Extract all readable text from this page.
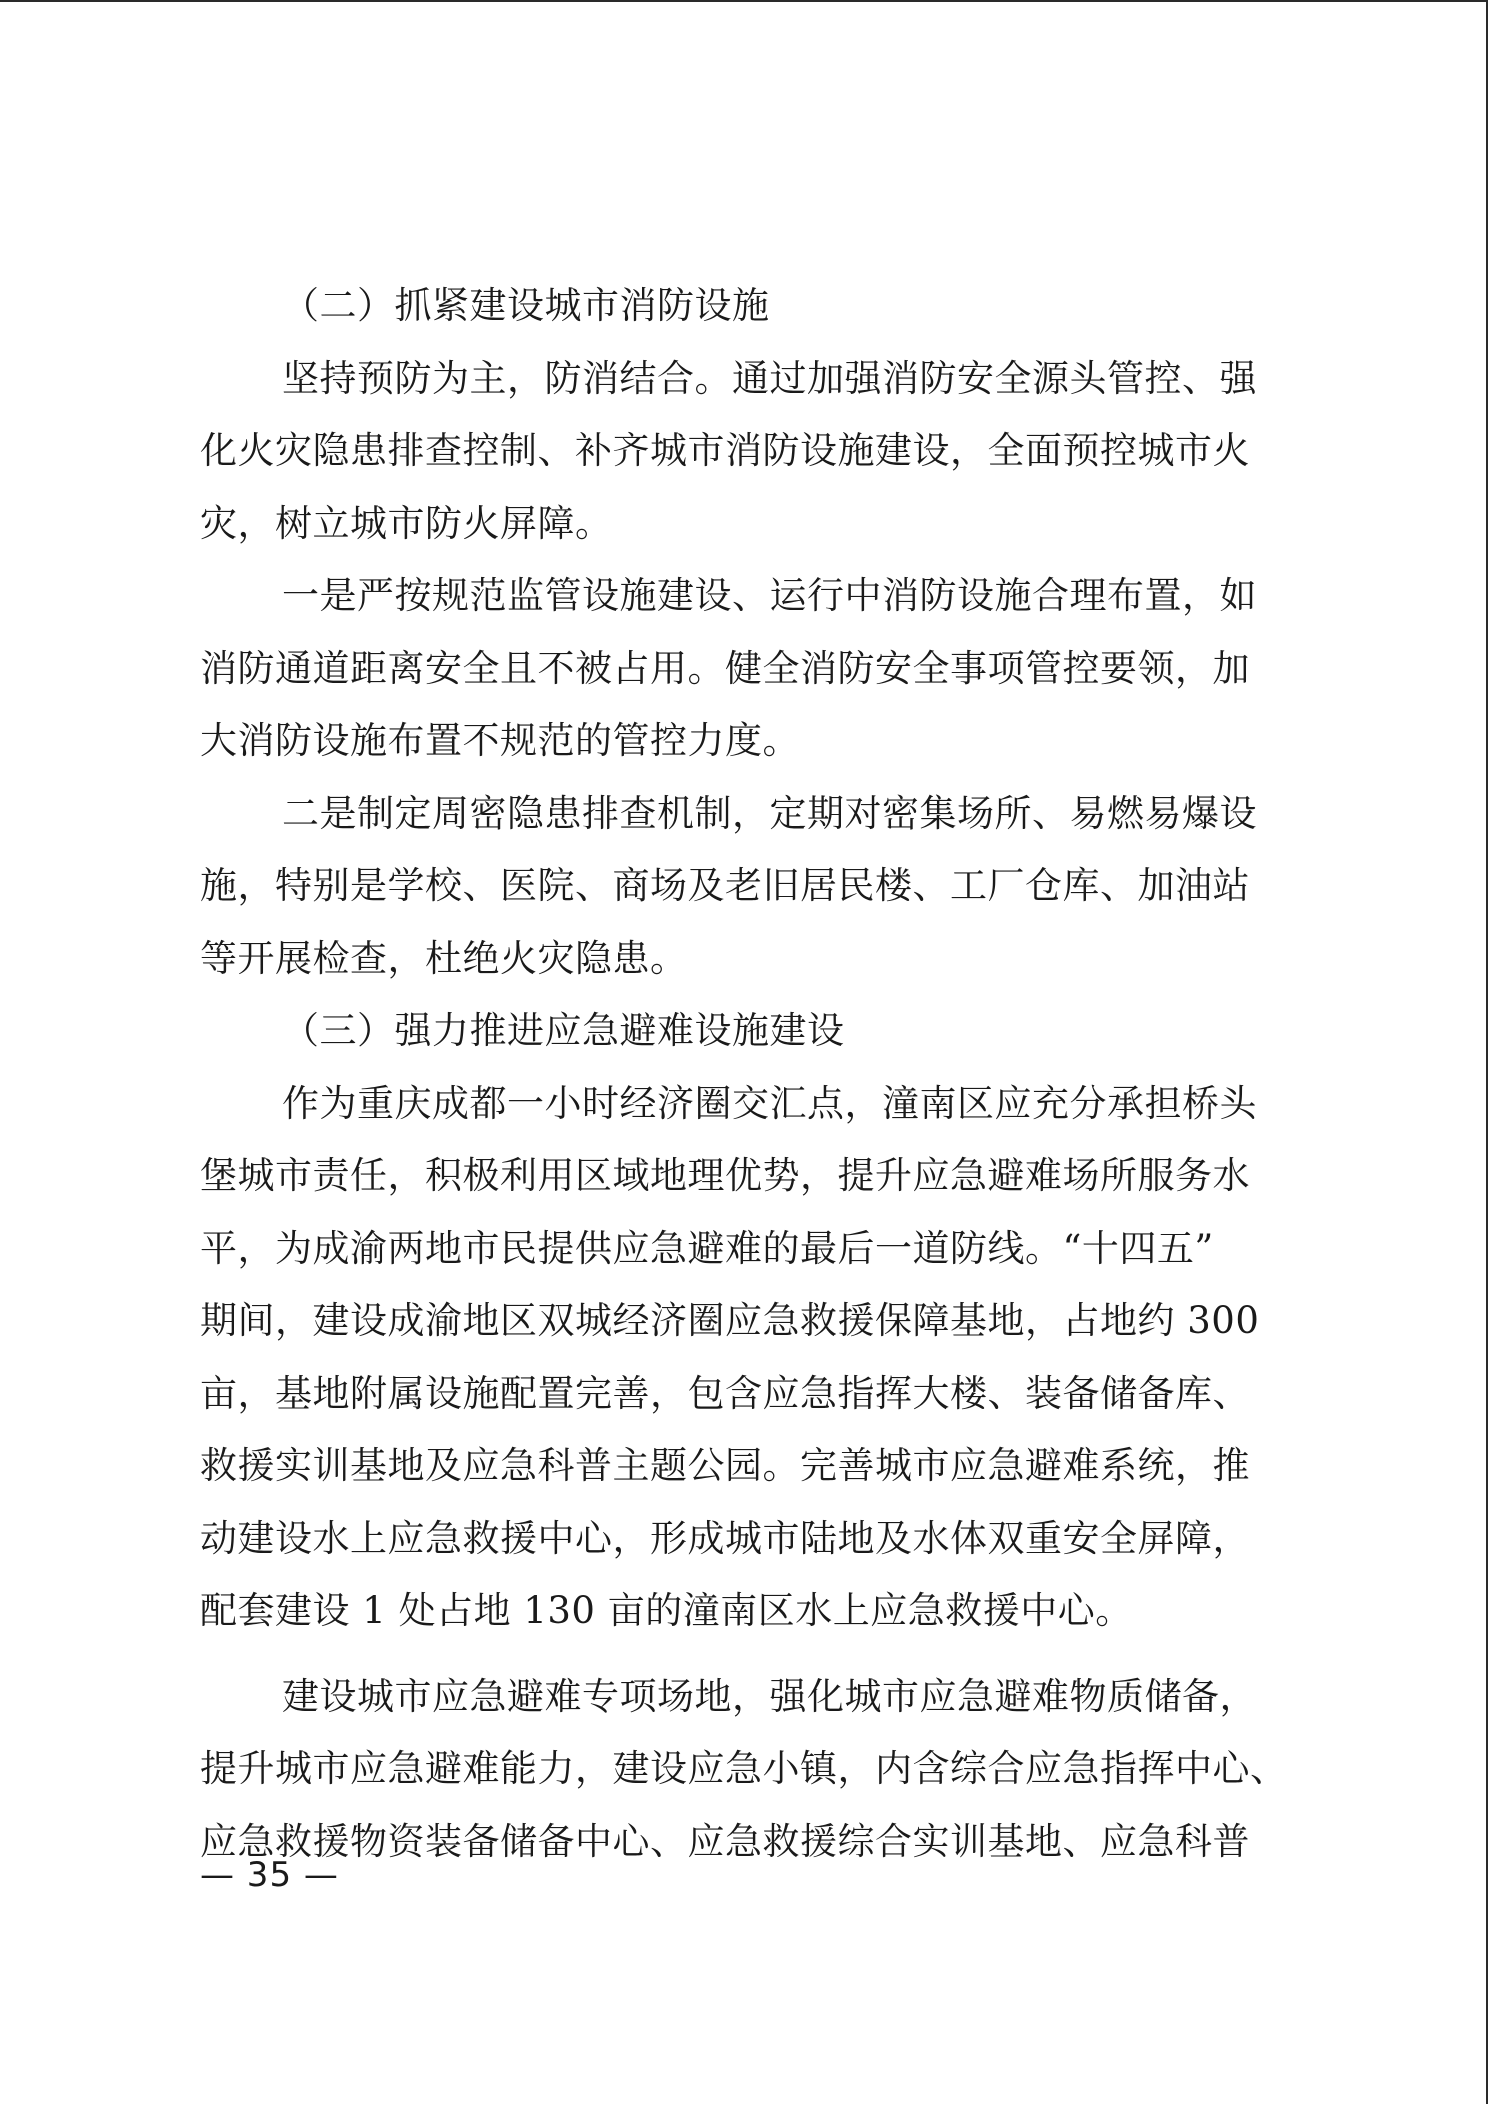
（二）抓紧建设城市消防设施
坚持预防为主，防消结合。通过加强消防安全源头管控、强
化火灾隐患排查控制、补齐城市消防设施建设，全面预控城市火
灾，树立城市防火屏障。
一是严按规范监管设施建设、运行中消防设施合理布置，如
消防通道距离安全且不被占用。健全消防安全事项管控要领，加
大消防设施布置不规范的管控力度。
二是制定周密隐患排查机制，定期对密集场所、易燃易爆设
施，特别是学校、医院、商场及老旧居民楼、工厂仓库、加油站
等开展检查，杜绝火灾隐患。
（三）强力推进应急避难设施建设
作为重庆成都一小时经济圈交汇点，潼南区应充分承担桥头
堡城市责任，积极利用区域地理优势，提升应急避难场所服务水
平，为成渝两地市民提供应急避难的最后一道防线。“十四五”
期间，建设成渝地区双城经济圈应急救援保障基地，占地约 300
亩，基地附属设施配置完善，包含应急指挥大楼、装备储备库、
救援实训基地及应急科普主题公园。完善城市应急避难系统，推
动建设水上应急救援中心，形成城市陆地及水体双重安全屏障，
配套建设 1 处占地 130 亩的潼南区水上应急救援中心。
建设城市应急避难专项场地，强化城市应急避难物质储备，
提升城市应急避难能力，建设应急小镇，内含综合应急指挥中心、
应急救援物资装备储备中心、应急救援综合实训基地、应急科普
— 35 —
